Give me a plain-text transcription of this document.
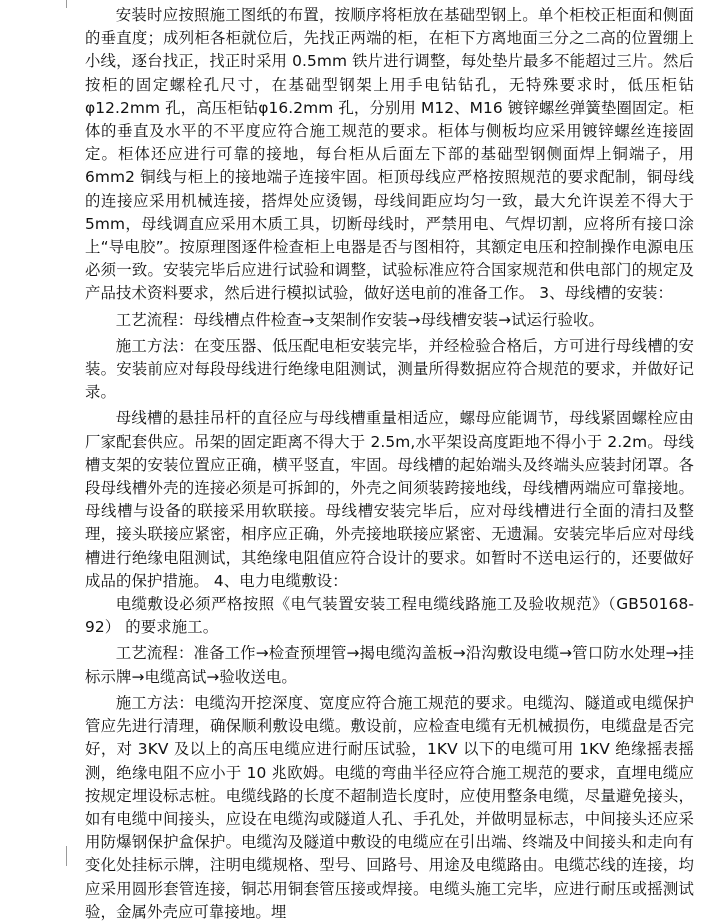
安装时应按照施工图纸的布置，按顺序将柜放在基础型钢上。单个柜校正柜面和侧面的垂直度；成列柜各柜就位后，先找正两端的柜，在柜下方离地面三分之二高的位置绷上小线，逐台找正，找正时采用 0.5mm 铁片进行调整，每处垫片最多不能超过三片。然后按柜的固定螺栓孔尺寸，在基础型钢架上用手电钻钻孔，无特殊要求时，低压柜钻φ12.2mm 孔，高压柜钻φ16.2mm 孔，分别用 M12、M16 镀锌螺丝弹簧垫圈固定。柜体的垂直及水平的不平度应符合施工规范的要求。柜体与侧板均应采用镀锌螺丝连接固定。柜体还应进行可靠的接地，每台柜从后面左下部的基础型钢侧面焊上铜端子，用 6mm2 铜线与柜上的接地端子连接牢固。柜顶母线应严格按照规范的要求配制，铜母线的连接应采用机械连接，搭焊处应烫锡，母线间距应均匀一致，最大允许误差不得大于 5mm，母线调直应采用木质工具，切断母线时，严禁用电、气焊切割，应将所有接口涂上“导电胶”。按原理图逐件检查柜上电器是否与图相符，其额定电压和控制操作电源电压必须一致。安装完毕后应进行试验和调整，试验标准应符合国家规范和供电部门的规定及产品技术资料要求，然后进行模拟试验，做好送电前的准备工作。 3、母线槽的安装：

工艺流程：母线槽点件检查→支架制作安装→母线槽安装→试运行验收。

施工方法：在变压器、低压配电柜安装完毕，并经检验合格后，方可进行母线槽的安装。安装前应对每段母线进行绝缘电阻测试，测量所得数据应符合规范的要求，并做好记录。

母线槽的悬挂吊杆的直径应与母线槽重量相适应，螺母应能调节，母线紧固螺栓应由厂家配套供应。吊架的固定距离不得大于 2.5m,水平架设高度距地不得小于 2.2m。母线槽支架的安装位置应正确，横平竖直，牢固。母线槽的起始端头及终端头应装封闭罩。各段母线槽外壳的连接必须是可拆卸的，外壳之间须装跨接地线，母线槽两端应可靠接地。母线槽与设备的联接采用软联接。母线槽安装完毕后，应对母线槽进行全面的清扫及整理，接头联接应紧密，相序应正确，外壳接地联接应紧密、无遗漏。安装完毕后应对母线槽进行绝缘电阻测试，其绝缘电阻值应符合设计的要求。如暂时不送电运行的，还要做好成品的保护措施。 4、电力电缆敷设：

电缆敷设必须严格按照《电气装置安装工程电缆线路施工及验收规范》（GB50168-92） 的要求施工。

工艺流程：准备工作→检查预埋管→揭电缆沟盖板→沿沟敷设电缆→管口防水处理→挂标示牌→电缆高试→验收送电。

施工方法：电缆沟开挖深度、宽度应符合施工规范的要求。电缆沟、隧道或电缆保护管应先进行清理，确保顺利敷设电缆。敷设前，应检查电缆有无机械损伤，电缆盘是否完好，对 3KV 及以上的高压电缆应进行耐压试验，1KV 以下的电缆可用 1KV 绝缘摇表摇测，绝缘电阻不应小于 10 兆欧姆。电缆的弯曲半径应符合施工规范的要求，直埋电缆应按规定埋设标志桩。电缆线路的长度不超制造长度时，应使用整条电缆，尽量避免接头，如有电缆中间接头，应设在电缆沟或隧道人孔、手孔处，并做明显标志，中间接头还应采用防爆钢保护盒保护。电缆沟及隧道中敷设的电缆应在引出端、终端及中间接头和走向有变化处挂标示牌，注明电缆规格、型号、回路号、用途及电缆路由。电缆芯线的连接，均应采用圆形套管连接，铜芯用铜套管压接或焊接。电缆头施工完毕，应进行耐压或摇测试验，金属外壳应可靠接地。埋
